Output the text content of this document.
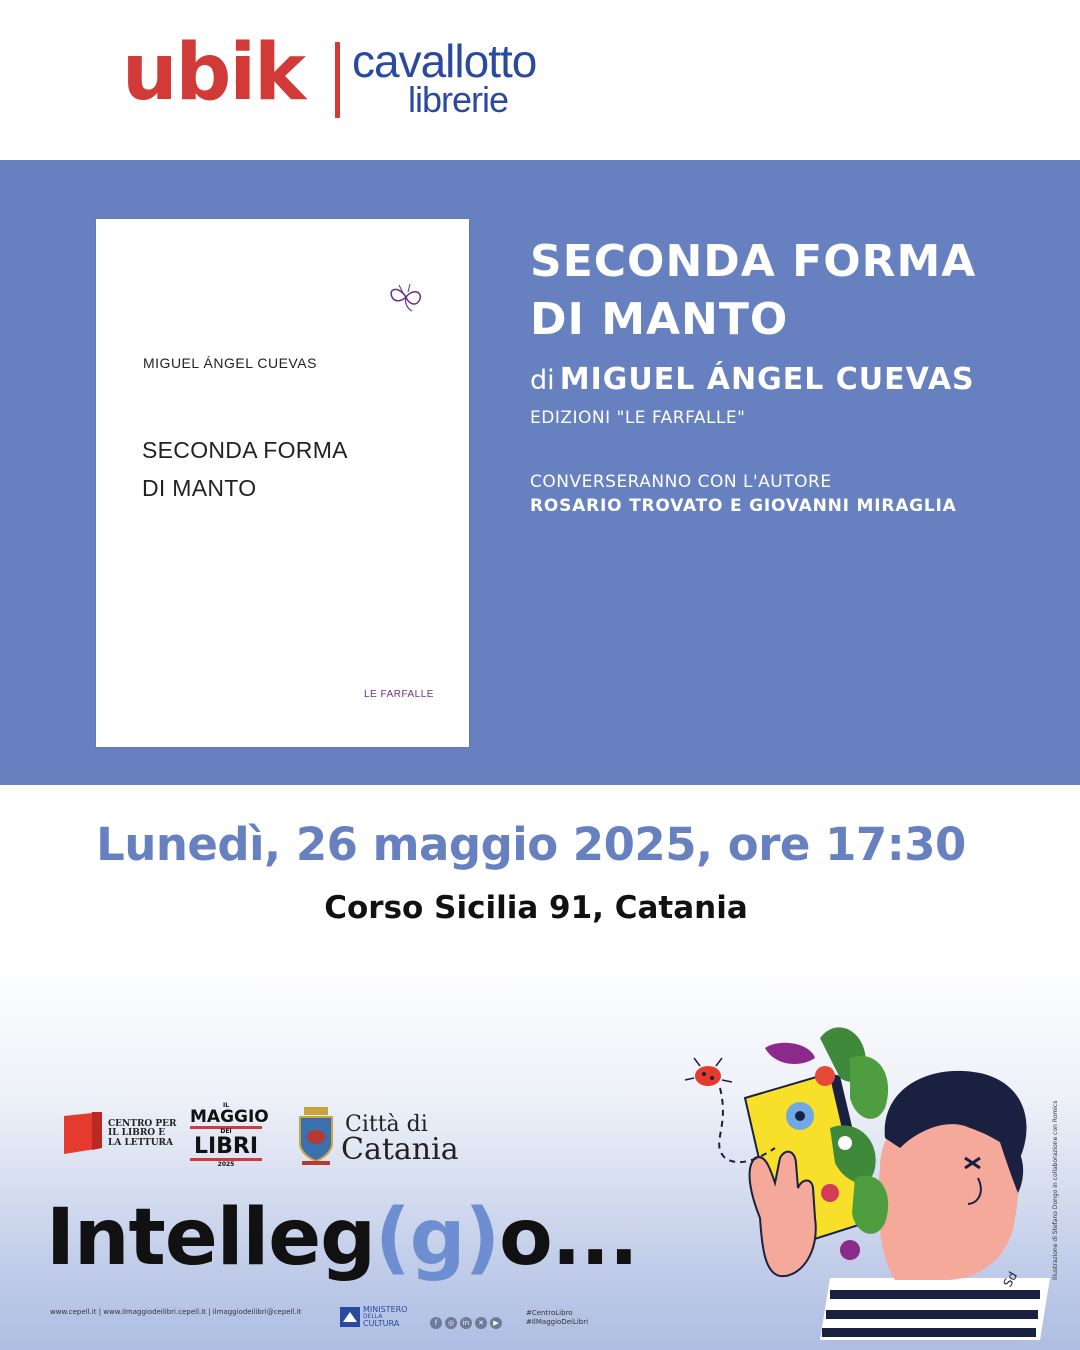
ubik cavallotto
librerie
MIGUEL ÁNGEL CUEVAS
SECONDA FORMA
DI MANTO
LE FARFALLE
SECONDA FORMA
DI MANTO
di MIGUEL ÁNGEL CUEVAS
EDIZIONI "LE FARFALLE"
CONVERSERANNO CON L'AUTORE
ROSARIO TROVATO E GIOVANNI MIRAGLIA
Lunedì, 26 maggio 2025, ore 17:30
Corso Sicilia 91, Catania
CENTRO PER IL LIBRO E LA LETTURA
IL
MAGGIO
DEI
LIBRI
2025
Città di
Catania
Intelleg(g)o...
www.cepell.it | www.ilmaggiodeilibri.cepell.it | ilmaggiodeilibri@cepell.it	MINISTERO
DELLA
CULTURA	f ◎ in ✕ ▶
#CentroLibro
#IlMaggioDeiLibri
Illustrazione di Stefano Dongo in collaborazione con Romics
Sd
